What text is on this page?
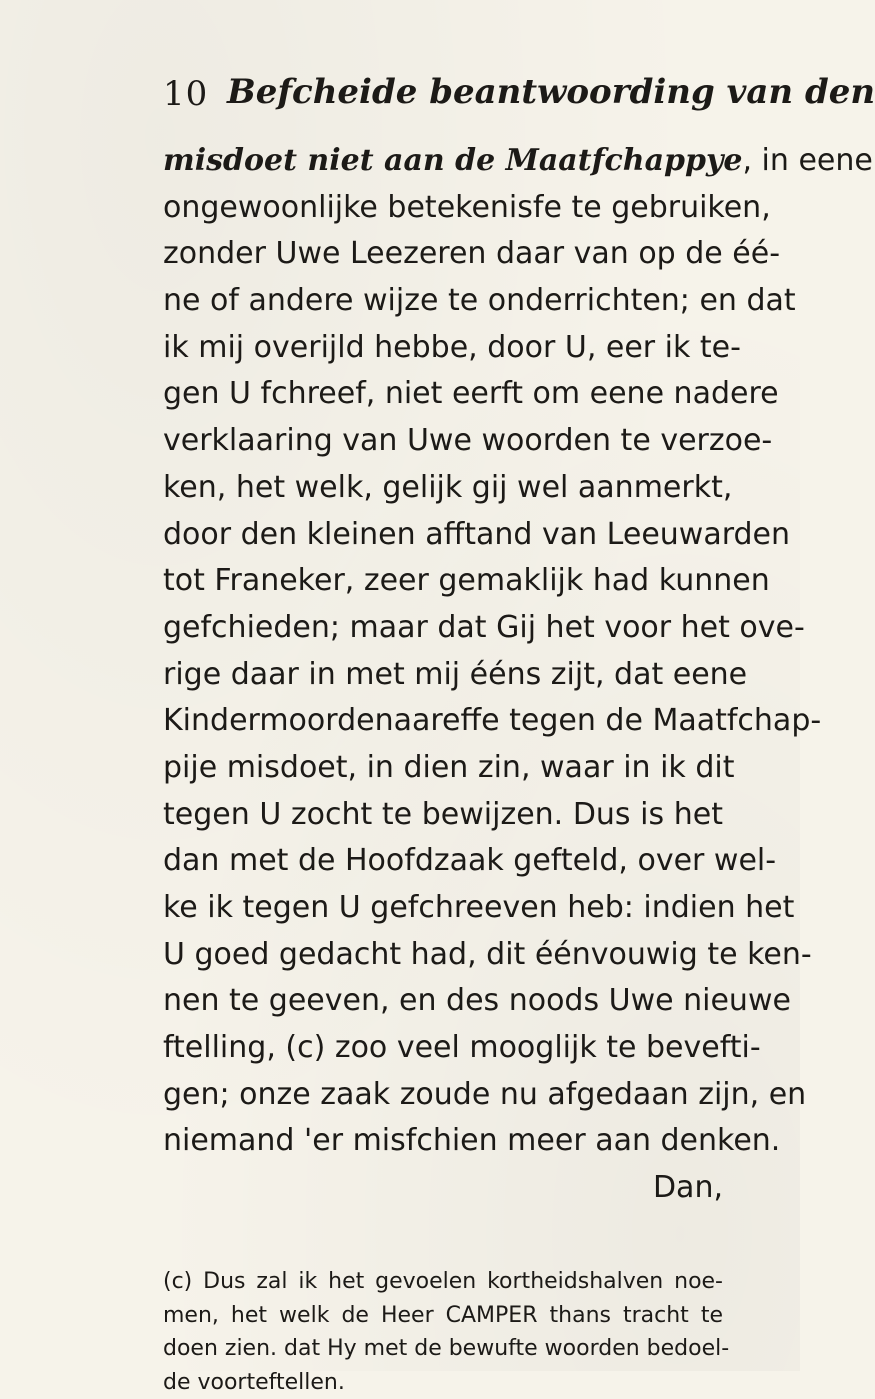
10 Befcheide beantwoording van den
misdoet niet aan de Maatfchappye, in eene
ongewoonlijke betekenisfe te gebruiken,
zonder Uwe Leezeren daar van op de éé-
ne of andere wijze te onderrichten; en dat
ik mij overijld hebbe, door U, eer ik te-
gen U fchreef, niet eerft om eene nadere
verklaaring van Uwe woorden te verzoe-
ken, het welk, gelijk gij wel aanmerkt,
door den kleinen afftand van Leeuwarden
tot Franeker, zeer gemaklijk had kunnen
gefchieden; maar dat Gij het voor het ove-
rige daar in met mij ééns zijt, dat eene
Kindermoordenaareffe tegen de Maatfchap-
pije misdoet, in dien zin, waar in ik dit
tegen U zocht te bewijzen. Dus is het
dan met de Hoofdzaak gefteld, over wel-
ke ik tegen U gefchreeven heb: indien het
U goed gedacht had, dit éénvouwig te ken-
nen te geeven, en des noods Uwe nieuwe
ftelling, (c) zoo veel mooglijk te bevefti-
gen; onze zaak zoude nu afgedaan zijn, en
niemand 'er misfchien meer aan denken.
Dan,
(c) Dus zal ik het gevoelen kortheidshalven noe-
men, het welk de Heer CAMPER thans tracht te
doen zien. dat Hy met de bewufte woorden bedoel-
de voorteftellen.
